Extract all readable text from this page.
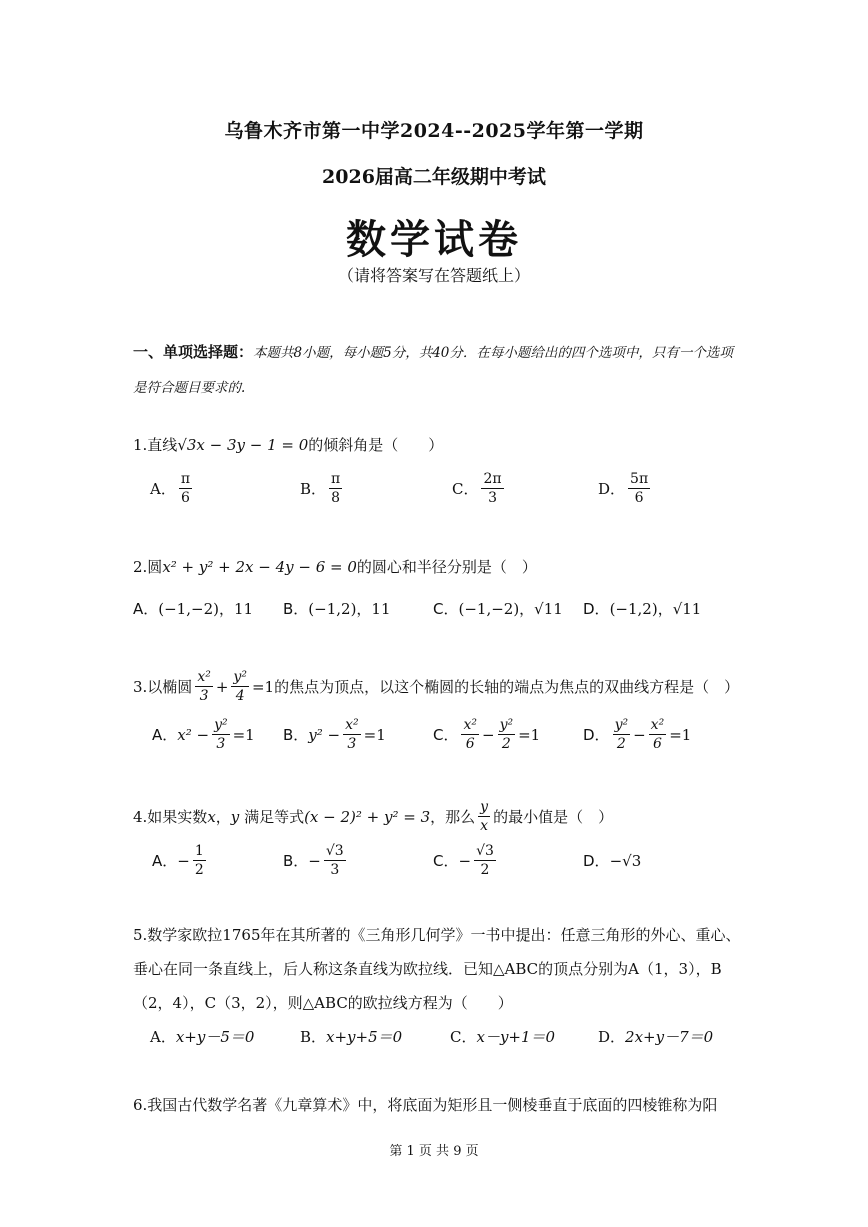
乌鲁木齐市第一中学2024--2025学年第一学期
2026届高二年级期中考试
数学试卷
（请将答案写在答题纸上）
一、单项选择题：本题共8小题，每小题5分，共40分．在每小题给出的四个选项中，只有一个选项
是符合题目要求的.
1.直线√3x − 3y − 1 = 0的倾斜角是（　　）
A． $\frac{\pi}{6}$	B． $\frac{\pi}{8}$	C． $\frac{2\pi}{3}$	D． $\frac{5\pi}{6}$
2.圆x² + y² + 2x − 4y − 6 = 0的圆心和半径分别是（　）
A． (−1,−2)，11 B． (−1,2)，11	C． (−1,−2)，√11 D． (−1,2)，√11
3.以椭圆 $\frac{\text{x²}}{3} + \frac{\text{y²}}{4} =1$ 的焦点为顶点，以这个椭圆的长轴的端点为焦点的双曲线方程是（　）
A． $x^2 - \frac{\text{y²}}{3} =1$ B． $y^2 - \frac{\text{x²}}{3} =1$	C． $\frac{\text{x²}}{6} - \frac{\text{y²}}{2} =1$	D． $\frac{\text{y²}}{2} - \frac{\text{x²}}{6} =1$
4.如果实数 x ， y
满足等式 (x − 2)² + y² = 3 ，那么 $\frac{y}{x}$ 的最小值是（　）
A． − $\frac{1}{2}$	B． − $\frac{√3}{3}$	C． − $\frac{√3}{2}$	D． −√3
5.数学家欧拉1765年在其所著的《三角形几何学》一书中提出：任意三角形的外心、重心、
垂心在同一条直线上，后人称这条直线为欧拉线．已知△ABC的顶点分别为A（1，3），B
（2，4），C（3，2），则△ABC的欧拉线方程为（　　）
A． x+y－5＝0	B． x+y+5＝0	C． x－y+1＝0	D． 2x+y－7＝0
6.我国古代数学名著《九章算术》中，将底面为矩形且一侧棱垂直于底面的四棱锥称为阳
第 1 页 共 9 页
